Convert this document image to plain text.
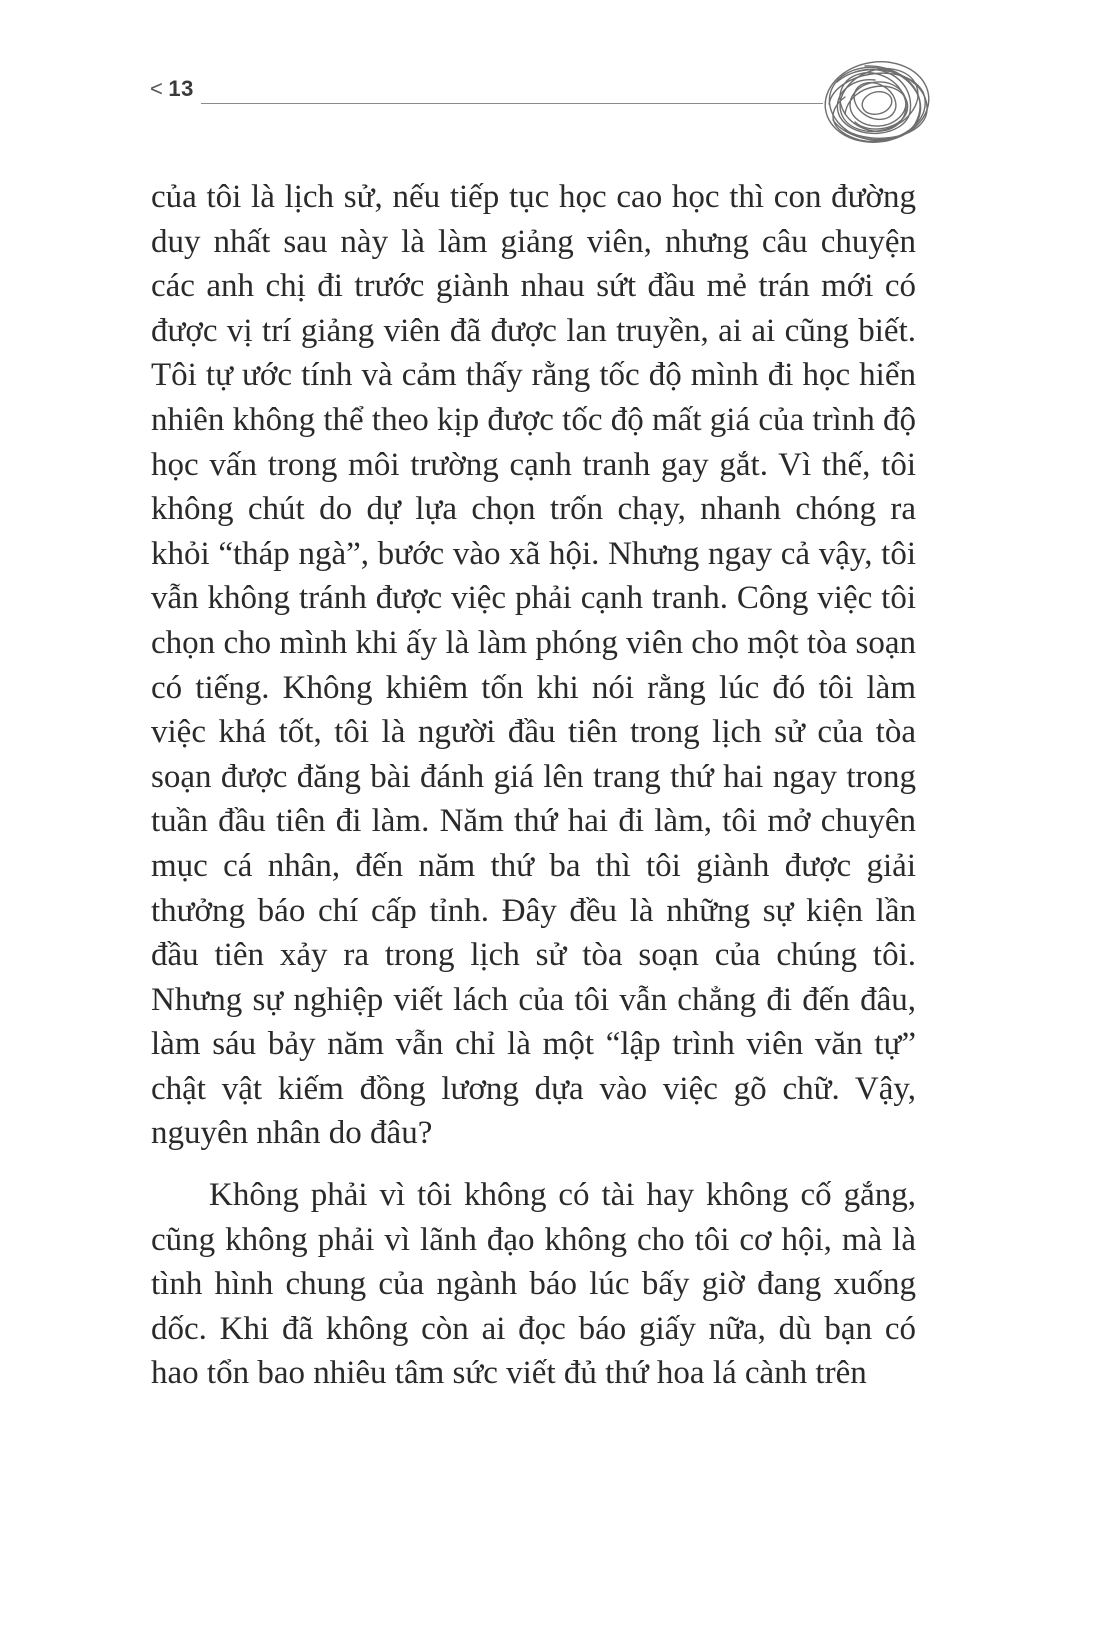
< 13

của tôi là lịch sử, nếu tiếp tục học cao học thì con đường duy nhất sau này là làm giảng viên, nhưng câu chuyện các anh chị đi trước giành nhau sứt đầu mẻ trán mới có được vị trí giảng viên đã được lan truyền, ai ai cũng biết. Tôi tự ước tính và cảm thấy rằng tốc độ mình đi học hiển nhiên không thể theo kịp được tốc độ mất giá của trình độ học vấn trong môi trường cạnh tranh gay gắt. Vì thế, tôi không chút do dự lựa chọn trốn chạy, nhanh chóng ra khỏi “tháp ngà”, bước vào xã hội. Nhưng ngay cả vậy, tôi vẫn không tránh được việc phải cạnh tranh. Công việc tôi chọn cho mình khi ấy là làm phóng viên cho một tòa soạn có tiếng. Không khiêm tốn khi nói rằng lúc đó tôi làm việc khá tốt, tôi là người đầu tiên trong lịch sử của tòa soạn được đăng bài đánh giá lên trang thứ hai ngay trong tuần đầu tiên đi làm. Năm thứ hai đi làm, tôi mở chuyên mục cá nhân, đến năm thứ ba thì tôi giành được giải thưởng báo chí cấp tỉnh. Đây đều là những sự kiện lần đầu tiên xảy ra trong lịch sử tòa soạn của chúng tôi. Nhưng sự nghiệp viết lách của tôi vẫn chẳng đi đến đâu, làm sáu bảy năm vẫn chỉ là một “lập trình viên văn tự” chật vật kiếm đồng lương dựa vào việc gõ chữ. Vậy, nguyên nhân do đâu?

Không phải vì tôi không có tài hay không cố gắng, cũng không phải vì lãnh đạo không cho tôi cơ hội, mà là tình hình chung của ngành báo lúc bấy giờ đang xuống dốc. Khi đã không còn ai đọc báo giấy nữa, dù bạn có hao tổn bao nhiêu tâm sức viết đủ thứ hoa lá cành trên
